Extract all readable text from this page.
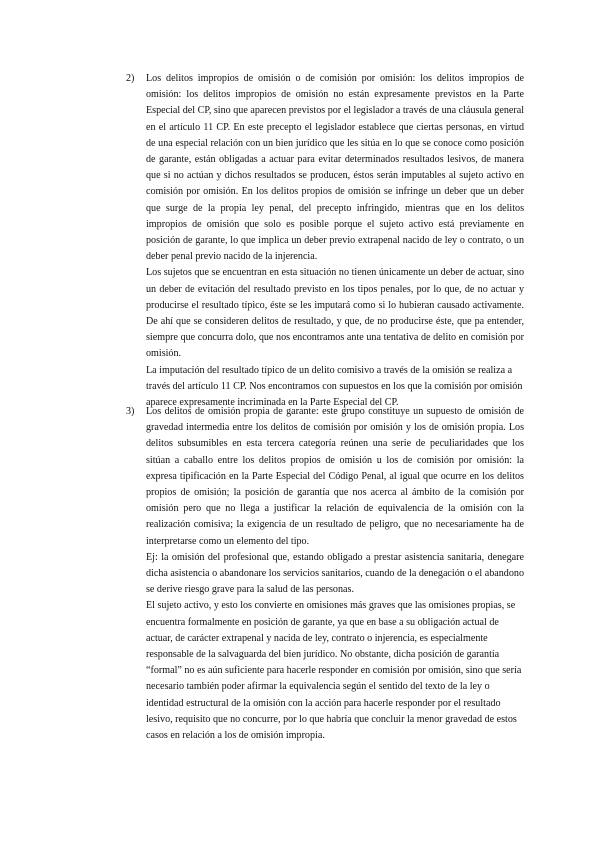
2)	Los delitos impropios de omisión o de comisión por omisión: los delitos impropios de omisión: los delitos impropios de omisión no están expresamente previstos en la Parte Especial del CP, sino que aparecen previstos por el legislador a través de una cláusula general en el artículo 11 CP. En este precepto el legislador establece que ciertas personas, en virtud de una especial relación con un bien jurídico que les sitúa en lo que se conoce como posición de garante, están obligadas a actuar para evitar determinados resultados lesivos, de manera que si no actúan y dichos resultados se producen, éstos serán imputables al sujeto activo en comisión por omisión. En los delitos propios de omisión se infringe un deber que un deber que surge de la propia ley penal, del precepto infringido, mientras que en los delitos impropios de omisión que solo es posible porque el sujeto activo está previamente en posición de garante, lo que implica un deber previo extrapenal nacido de ley o contrato, o un deber penal previo nacido de la injerencia.

Los sujetos que se encuentran en esta situación no tienen únicamente un deber de actuar, sino un deber de evitación del resultado previsto en los tipos penales, por lo que, de no actuar y producirse el resultado típico, éste se les imputará como si lo hubieran causado activamente. De ahí que se consideren delitos de resultado, y que, de no producirse éste, que pa entender, siempre que concurra dolo, que nos encontramos ante una tentativa de delito en comisión por omisión.

La imputación del resultado típico de un delito comisivo a través de la omisión se realiza a través del artículo 11 CP. Nos encontramos con supuestos en los que la comisión por omisión aparece expresamente incriminada en la Parte Especial del CP.

3)	Los delitos de omisión propia de garante: este grupo constituye un supuesto de omisión de gravedad intermedia entre los delitos de comisión por omisión y los de omisión propia. Los delitos subsumibles en esta tercera categoría reúnen una serie de peculiaridades que los sitúan a caballo entre los delitos propios de omisión u los de comisión por omisión: la expresa tipificación en la Parte Especial del Código Penal, al igual que ocurre en los delitos propios de omisión; la posición de garantía que nos acerca al ámbito de la comisión por omisión pero que no llega a justificar la relación de equivalencia de la omisión con la realización comisiva; la exigencia de un resultado de peligro, que no necesariamente ha de interpretarse como un elemento del tipo.

Ej: la omisión del profesional que, estando obligado a prestar asistencia sanitaria, denegare dicha asistencia o abandonare los servicios sanitarios, cuando de la denegación o el abandono se derive riesgo grave para la salud de las personas.

El sujeto activo, y esto los convierte en omisiones más graves que las omisiones propias, se encuentra formalmente en posición de garante, ya que en base a su obligación actual de actuar, de carácter extrapenal y nacida de ley, contrato o injerencia, es especialmente responsable de la salvaguarda del bien jurídico. No obstante, dicha posición de garantía “formal” no es aún suficiente para hacerle responder en comisión por omisión, sino que sería necesario también poder afirmar la equivalencia según el sentido del texto de la ley o identidad estructural de la omisión con la acción para hacerle responder por el resultado lesivo, requisito que no concurre, por lo que habría que concluir la menor gravedad de estos casos en relación a los de omisión impropia.
